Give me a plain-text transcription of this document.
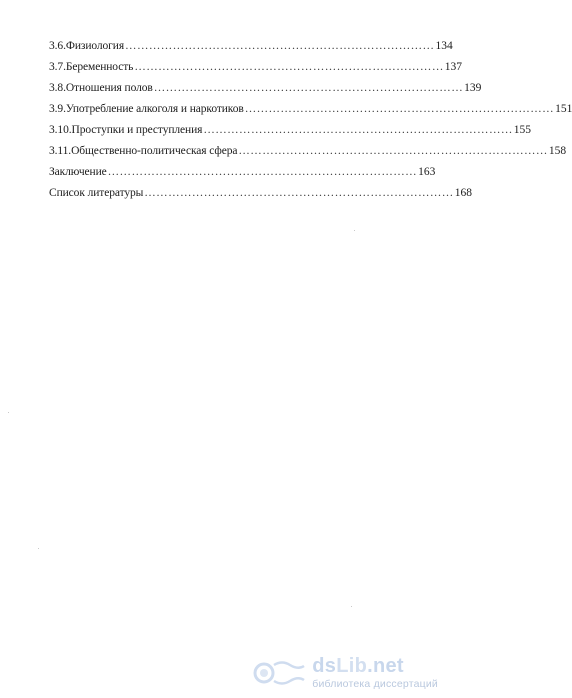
3.6.Физиология …………………………………………………………………… 134
3.7.Беременность …………………………………………………………………… 137
3.8.Отношения полов …………………………………………………………………… 139
3.9.Употребление алкоголя и наркотиков …………………………………………………………………… 151
3.10.Проступки и преступления …………………………………………………………………… 155
3.11.Общественно-политическая сфера …………………………………………………………………… 158
Заключение …………………………………………………………………… 163
Список литературы …………………………………………………………………… 168
dsLib.net
библиотека диссертаций
